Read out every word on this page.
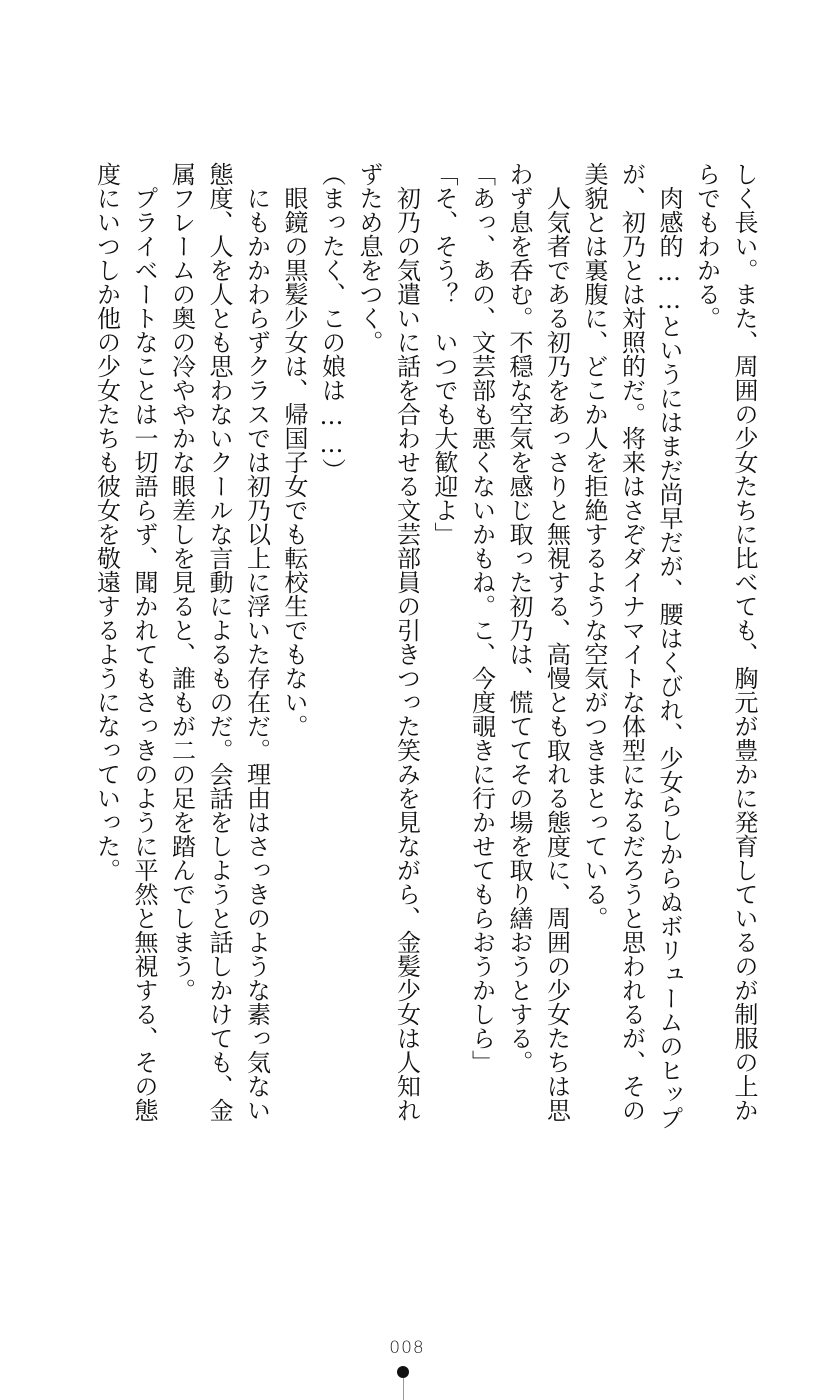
しく長い。また、周囲の少女たちに比べても、胸元が豊かに発育しているのが制服の上か

らでもわかる。

　肉感的……というにはまだ尚早だが、腰はくびれ、少女らしからぬボリュームのヒップ

が、初乃とは対照的だ。将来はさぞダイナマイトな体型になるだろうと思われるが、その

美貌とは裏腹に、どこか人を拒絶するような空気がつきまとっている。

　人気者である初乃をあっさりと無視する、高慢とも取れる態度に、周囲の少女たちは思

わず息を呑む。不穏な空気を感じ取った初乃は、慌ててその場を取り繕おうとする。

「あっ、あの、文芸部も悪くないかもね。こ、今度覗きに行かせてもらおうかしら」

「そ、そう？　いつでも大歓迎よ」

　初乃の気遣いに話を合わせる文芸部員の引きつった笑みを見ながら、金髪少女は人知れ

ずため息をつく。

（まったく、この娘は……）

　眼鏡の黒髪少女は、帰国子女でも転校生でもない。

　にもかかわらずクラスでは初乃以上に浮いた存在だ。理由はさっきのような素っ気ない

態度、人を人とも思わないクールな言動によるものだ。会話をしようと話しかけても、金

属フレームの奥の冷ややかな眼差しを見ると、誰もが二の足を踏んでしまう。

　プライベートなことは一切語らず、聞かれてもさっきのように平然と無視する、その態

度にいつしか他の少女たちも彼女を敬遠するようになっていった。

008
